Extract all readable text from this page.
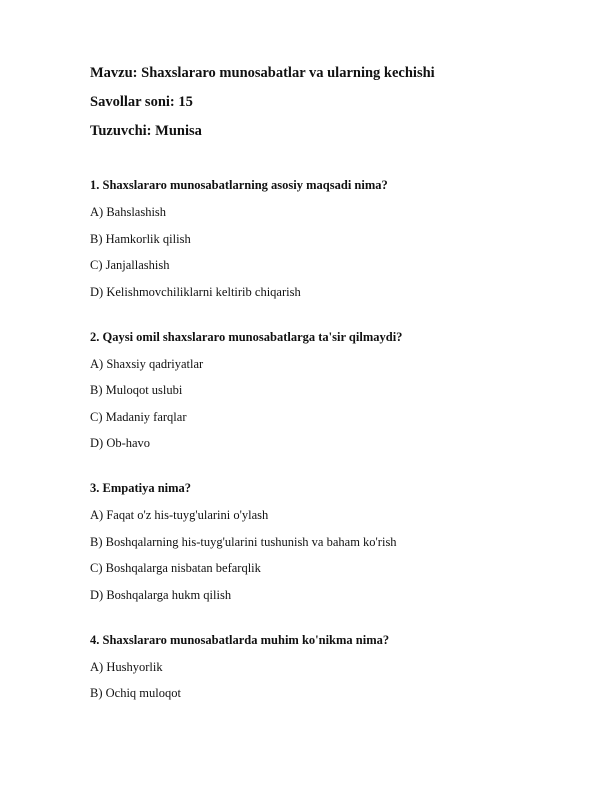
Mavzu: Shaxslararo munosabatlar va ularning kechishi

Savollar soni: 15

Tuzuvchi: Munisa

1. Shaxslararo munosabatlarning asosiy maqsadi nima?

A) Bahslashish

B) Hamkorlik qilish

C) Janjallashish

D) Kelishmovchiliklarni keltirib chiqarish

2. Qaysi omil shaxslararo munosabatlarga ta'sir qilmaydi?

A) Shaxsiy qadriyatlar

B) Muloqot uslubi

C) Madaniy farqlar

D) Ob-havo

3. Empatiya nima?

A) Faqat o'z his-tuyg'ularini o'ylash

B) Boshqalarning his-tuyg'ularini tushunish va baham ko'rish

C) Boshqalarga nisbatan befarqlik

D) Boshqalarga hukm qilish

4. Shaxslararo munosabatlarda muhim ko'nikma nima?

A) Hushyorlik

B) Ochiq muloqot
